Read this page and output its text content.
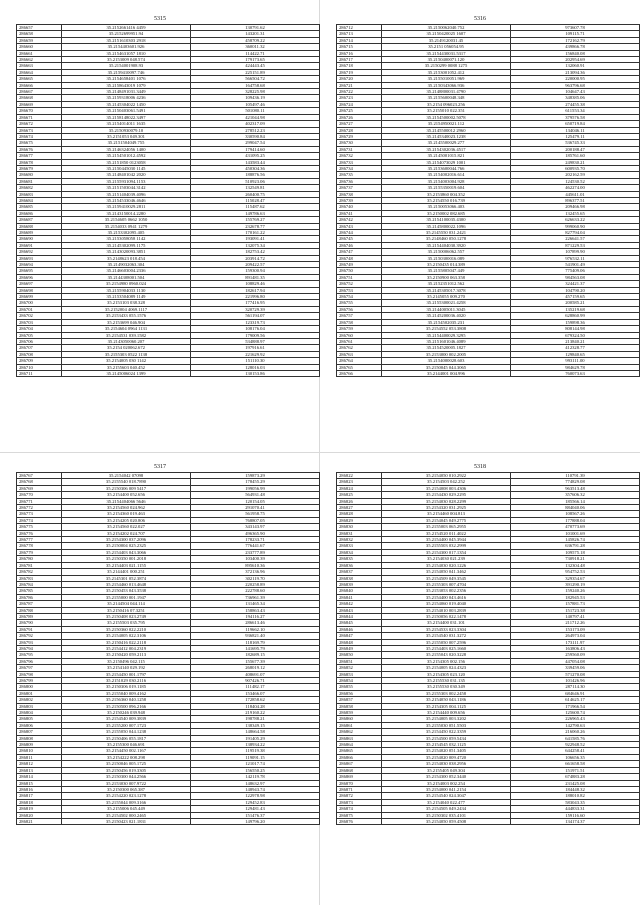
5315
286657	35.2152661416 4459	130791.62
286658	35.2152699951.94	143201.31
286659	35.2151610303 2918	458709.22
286660	35.2154403601.926	360011.32
286661	35.2154631057 1810	114422.71
286662	35.2153009 048.574	179173.65
286663	35.2154001908.93	424443.45
286664	35.2159410097.746	225151.89
286665	35.2154658401 1076	566504.72
286666	35.2158643019 1079	164758.68
286667	35.2148491031.3449	328225.98
286668	35.2159318006 4236	109436.19
286669	35.2145304022 1450	105497.46
286670	35.2150403061.5491	501080.11
286671	35.2158148022.3497	421044.98
286672	35.2154014011 1635	402317.09
286673	35.2150930079.10	278512.23
286674	35.2151053 049.301	330590.84
286675	35.2151504049.755	299047.54
286676	35.2146324056 1400	179414.60
286677	35.2154501012.4592	431095.25
286678	35.2151850 0123058	143583.44
286679	35.2150445030 1145	450304.36
286680	35.2148401042 2020	188876.56
286681	35.2155931094.1153	510923.06
286682	35.2151503044.3142	132549.81
286683	35.2151404039.4096	260400.75
286684	35.2154533046.4646	115028.47
286685	35.2159410029.2811	115487.62
286686	35.2143150014.2280	149786.63
286687	35.2154605 0662 1050	155769.27
286688	35.2154033 0941 1279	232678.77
286689	35.2153302095.405	170161.22
286690	35.2153058058 1142	193091.41
286691	35.2145302099.1175	132075.34
286692	35.2143020093.3851	182753.42
286693	35.2148623 018.454	203914.72
286694	35.2149032063.304	209422.57
286695	35.2146603004.2336	159300.94
286696	35.2144308001.504	891481.35
286697	35.2154980 0960.024	108829.46
286698	35.2155904033 1130	182617.94
286699	35.2153504089 1149	221996.80
286700	35.2153103 038.328	177416.95
286701	35.2152004 4069.1117	320729.39
286702	35.2153433 055.1576	561194.07
286703	35.2153699 046.904	123319.73
286704	35.2154604 0964 1131	108176.04
286705	35.2154531 039.1582	179009.56
286706	35.2143050060.207	534888.97
286707	35.2154 020062.672	197916.61
286708	35.2155303 0522 1138	221629.92
286709	35.2154005 030 1142	151110.30
286710	35.2155603 040.452	128016.03
286711	35.2145006024 1399	130153.86
5316
286712	35.2150062040.752	973607.78
286713	35.2150420025 1607	109115.71
286714	35.2149120031.45	172162.79
286715	35.2151 056054.95	439866.78
286716	35.2154430031.5317	156840.08
286717	35.2150400071.120	202954.69
286718	35.2150299 0088 1275	132060.91
286719	35.2153001052.412	213094.36
286720	35.2155010051.969	220000.95
286721	35.2150343066.936	963796.68
286722	35.2148800031.4790	104647.43
286723	35.2155600048.348	348385.06
286724	35.2154 096023.256	274455.38
286725	35.2155010 022.351	611553.34
286726	35.2154500002.5078	379576.58
286727	35.2154950021.112	650719.84
286728	35.2145500012 2960	134046.11
286729	35.2145340023.1238	125479.11
286730	35.2145500029.277	536745.33
286731	35.2154302036.4517	200188.47
286732	35.2145001015.821	185761.60
286733	35.2154073029 1001	249830.21
286734	35.2153600044.766	600935.70
286735	35.2154002016.614	202162.59
286736	35.2154003004.928	124530.52
286737	35.2155350019.604	462274.00
286738	35.2153860 004.352	445611.01
286739	35.2154550 016.739	896377.51
286740	35.2150053066.403	209466.98
286741	35.2150002 082.685	132455.65
286742	35.2154100035.4300	626633.22
286743	35.2145800022.1096	999060.90
286744	35.2145550 031.2421	827794.04
286745	35.2148460 050.1278	226641.57
286746	35.2154404030.3920	871229.53
286747	35.2150006062.557	107899.90
286748	35.2150300016.089	976532.11
286749	35.2150435 014.389	541901.49
286750	35.2155805047.449	775409.06
286751	35.2150900 063.358	984563.08
286752	35.2152351012.562	324421.37
286753	35.2145305017.3078	104790.20
286754	35.2145055 009.270	457159.65
286755	35.2155300021.4258	200585.21
286756	35.2144005011.3045	135219.68
286757	35.2145200036.4020	628860.99
286758	35.2154502035.231	159898.36
286759	35.2154552 053.3808	808144.98
286760	35.2154400029.3295	679324.50
286761	35.2151601046.4089	213840.21
286762	35.2154520005.1827	412328.77
286763	35.2153000 002.2005	129840.65
286764	35.2154000028.603	993111.00
286765	35.2150045 044.3065	984629.78
286766	35.2144001 004.996	760073.63
5317
286767	35.2154042 07098	159873.29
286768	35.2155540 018.7890	178455.29
286769	35.2150306 009 5417	199056.99
286770	35.2154400 052.656	564931.48
286771	35.2154404066 5646	120154.05
286772	35.2154560 024.962	291070.41
286773	35.2154360 019.463	561958.75
286774	35.2154205 020.806	768807.05
286775	35.2154560 022.027	343143.97
286776	35.2154202 024.707	496365.90
286777	35.2154300 037.2096	178233.71
286778	35.2150004 025.2325	776441.67
286779	35.2154403 043.3066	233777.89
286780	35.2150350 001.2018	103400.39
286781	35.2154403 021.1155	895610.36
286782	35.2144401 000.251	372136.96
286783	35.2145301 052.3874	302119.70
286784	35.2154460 013.4648	220258.89
286785	35.2150453 043.3538	222788.60
286786	35.2155000 001.1947	736961.39
286787	35.2144504 044.114	131465.34
286788	35.2150416 07.3251	158863.43
286789	35.2150408 023.2749	194116.27
286790	35.2155503 035.795	286613.46
286791	35.2150360 022.2210	119662.10
286792	35.2154005 022.3106	936821.40
286793	35.2150416 022.2118	118169.79
286794	35.2154412 004.2319	141695.79
286795	35.2150420 059.2113	182689.15
286796	35.2150496 042.115	155677.39
286797	35.2154140 029.192	268019.12
286798	35.2154450 001.1797	408691.07
286799	35.2151029 030.2116	907426.71
286800	35.2150306 019.1185	111482.17
286801	35.2155040 009.4162	153466.07
286802	35.2156360 040.1258	172858.62
286803	35.2150500 096.2166	118404.28
286804	35.2150246 039.948	219160.22
286805	35.2154540 009.3839	198788.21
286806	35.2155200 007.1723	138349.15
286807	35.2155050 044.1238	148664.58
286808	35.2150406 055.1817	191405.29
286809	35.2155300 046.691	138934.22
286810	35.2154450 002.1167	119519.38
286811	35.2154222 008.298	119091.15
286812	35.2150046 005.1725	121017.74
286813	35.2150456 019.3305	156550.25
286814	35.2150300 044.2566	142119.78
286815	35.2153030 007.9722	148632.97
286816	35.2150300 065.387	148943.74
286817	35.2154220 023.1278	122978.98
286818	35.2155044 009.3166	129452.83
286819	35.2155006 045.449	129481.43
286820	35.2154502 000.2465	151476.37
286821	35.2150423 021.1831	149796.20
5318
286822	35.2154050 010.2922	110791.39
286823	35.2154503 042.252	774829.08
286824	35.2154008 003.4306	963513.48
286825	35.2154430 029.2295	357606.32
286826	35.2154030 028.2299	185566.14
286827	35.2154320 031.2925	884040.06
286828	35.2154460 004.813	108567.26
286829	35.2154045 049.2775	177888.04
286830	35.2155003 065.2955	470773.69
286831	35.2154520 011.4022	101001.69
286832	35.2154400 045.3944	145826.74
286833	35.2155503 032.2999	636791.28
286834	35.2154300 017.1354	109575.18
286835	35.2154030 021.239	730918.21
286836	35.2154030 020.1226	132304.48
286837	35.2154050 041.3462	954752.53
286838	35.2154509 049.3545	329354.67
286839	35.2155303 007.4704	391290.19
286840	35.2153053 002.2356	159240.26
286841	35.2154400 043.4616	182945.53
286842	35.2154060 019.4040	157881.73
286843	35.2154010 003.2839	151723.38
286844	35.2150056 022.1478	140797.41
286845	35.2154400 031.101	211712.26
286846	35.2154533 023.3304	153173.09
286847	35.2154540 031.3272	264973.04
286848	35.2155050 007.2596	173111.97
286849	35.2154403 025.1660	163806.43
286850	35.2155043 020.3228	259560.09
286851	35.2154305 002.156	447054.08
286852	35.2154005 024.4323	339459.06
286853	35.2154305 023.120	571270.08
286854	35.2155530 031.135	101426.96
286855	35.2155530 030.349	287114.30
286856	35.2155303 002.2458	684646.91
286857	35.2154050 043.1186	614625.17
286858	35.2154305 004.1125	171966.54
286859	35.2154440 009.656	125600.74
286860	35.2154005 003.3202	226965.43
286861	35.2155030 051.5503	142790.63
286862	35.2154450 022.3359	216060.26
286863	35.2154500 059.5434	641585.76
286864	35.2154545 032.1125	922948.52
286865	35.2154020 051.3405	644258.41
286866	35.2154020 009.4720	106656.35
286867	35.2154030 038.2956	661658.58
286868	35.2155405 049.304	151971.51
286869	35.2154300 052.3440	674883.28
286870	35.2154003 002.254	231425.08
286871	35.2154000 041.2154	184448.32
286872	35.2154540 024.3047	188010.82
286873	35.2154040 022.477	583043.35
286874	35.2154505 049.2434	444833.31
286875	35.2150302 035.4101	159116.60
286876	35.2154050 059.4508	134174.37
